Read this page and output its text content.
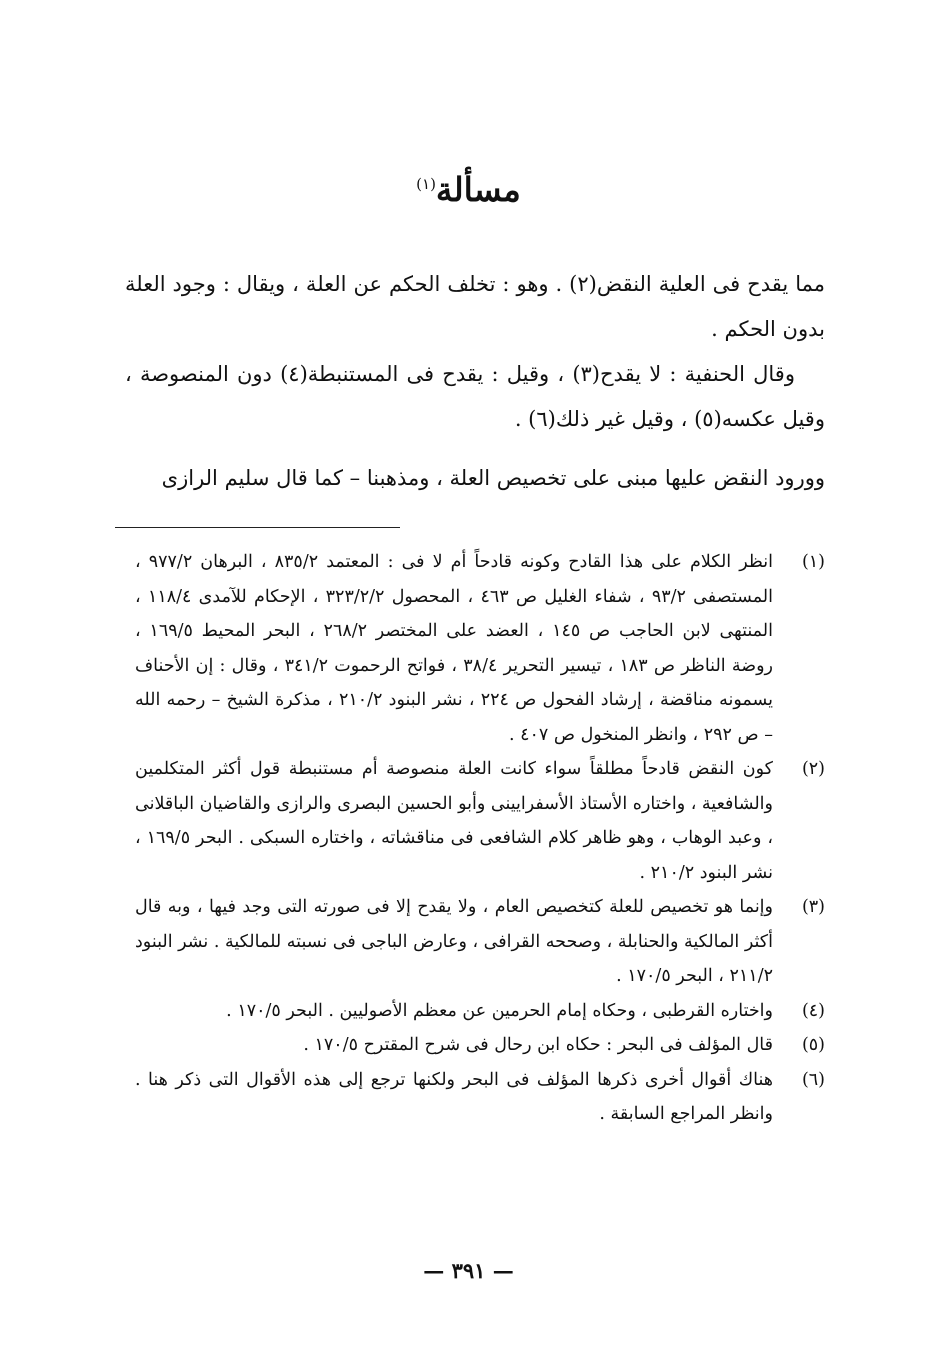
مسألة$^{(١)}$

مما يقدح فى العلية النقض(٢) . وهو : تخلف الحكم عن العلة ، ويقال : وجود العلة بدون الحكم .

وقال الحنفية : لا يقدح(٣) ، وقيل : يقدح فى المستنبطة(٤) دون المنصوصة ، وقيل عكسه(٥) ، وقيل غير ذلك(٦) .

وورود النقض عليها مبنى على تخصيص العلة ، ومذهبنا – كما قال سليم الرازى

(١)
انظر الكلام على هذا القادح وكونه قادحاً أم لا فى : المعتمد ٨٣٥/٢ ، البرهان ٩٧٧/٢ ، المستصفى ٩٣/٢ ، شفاء الغليل ص ٤٦٣ ، المحصول ٣٢٣/٢/٢ ، الإحكام للآمدى ١١٨/٤ ، المنتهى لابن الحاجب ص ١٤٥ ، العضد على المختصر ٢٦٨/٢ ، البحر المحيط ١٦٩/٥ ، روضة الناظر ص ١٨٣ ، تيسير التحرير ٣٨/٤ ، فواتح الرحموت ٣٤١/٢ ، وقال : إن الأحناف يسمونه مناقضة ، إرشاد الفحول ص ٢٢٤ ، نشر البنود ٢١٠/٢ ، مذكرة الشيخ – رحمه الله – ص ٢٩٢ ، وانظر المنخول ص ٤٠٧ .
(٢)
كون النقض قادحاً مطلقاً سواء كانت العلة منصوصة أم مستنبطة قول أكثر المتكلمين والشافعية ، واختاره الأستاذ الأسفرايينى وأبو الحسين البصرى والرازى والقاضيان الباقلانى ، وعبد الوهاب ، وهو ظاهر كلام الشافعى فى مناقشاته ، واختاره السبكى . البحر ١٦٩/٥ ، نشر البنود ٢١٠/٢ .
(٣)
وإنما هو تخصيص للعلة كتخصيص العام ، ولا يقدح إلا فى صورته التى وجد فيها ، وبه قال أكثر المالكية والحنابلة ، وصححه القرافى ، وعارض الباجى فى نسبته للمالكية . نشر البنود ٢١١/٢ ، البحر ١٧٠/٥ .
(٤)
واختاره القرطبى ، وحكاه إمام الحرمين عن معظم الأصوليين . البحر ١٧٠/٥ .
(٥)
قال المؤلف فى البحر : حكاه ابن رحال فى شرح المقترح ١٧٠/٥ .
(٦)
هناك أقوال أخرى ذكرها المؤلف فى البحر ولكنها ترجع إلى هذه الأقوال التى ذكر هنا . وانظر المراجع السابقة .
— ٣٩١ —
